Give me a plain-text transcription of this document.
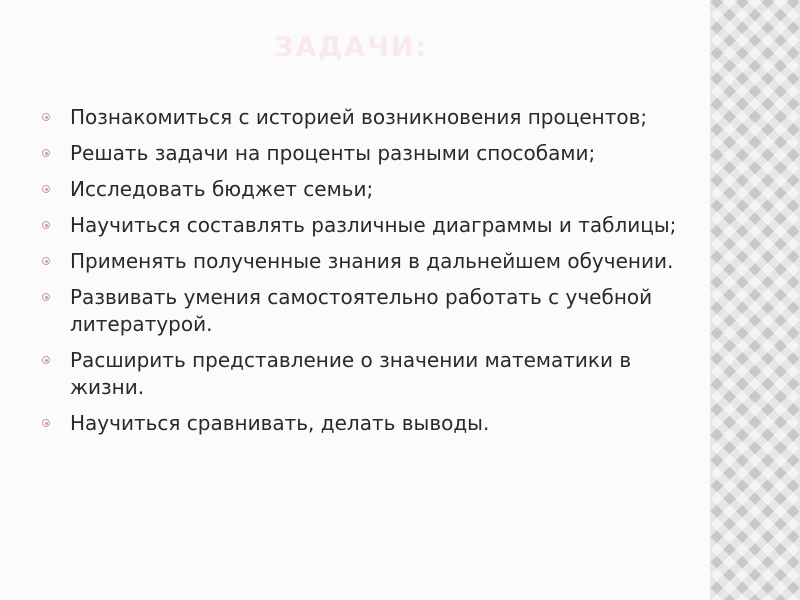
ЗАДАЧИ:
Познакомиться с историей возникновения процентов;
Решать задачи на проценты разными способами;
Исследовать бюджет семьи;
Научиться составлять различные диаграммы и таблицы;
Применять полученные знания в дальнейшем обучении.
Развивать умения самостоятельно работать с учебной литературой.
Расширить представление о значении математики в жизни.
Научиться сравнивать, делать выводы.
